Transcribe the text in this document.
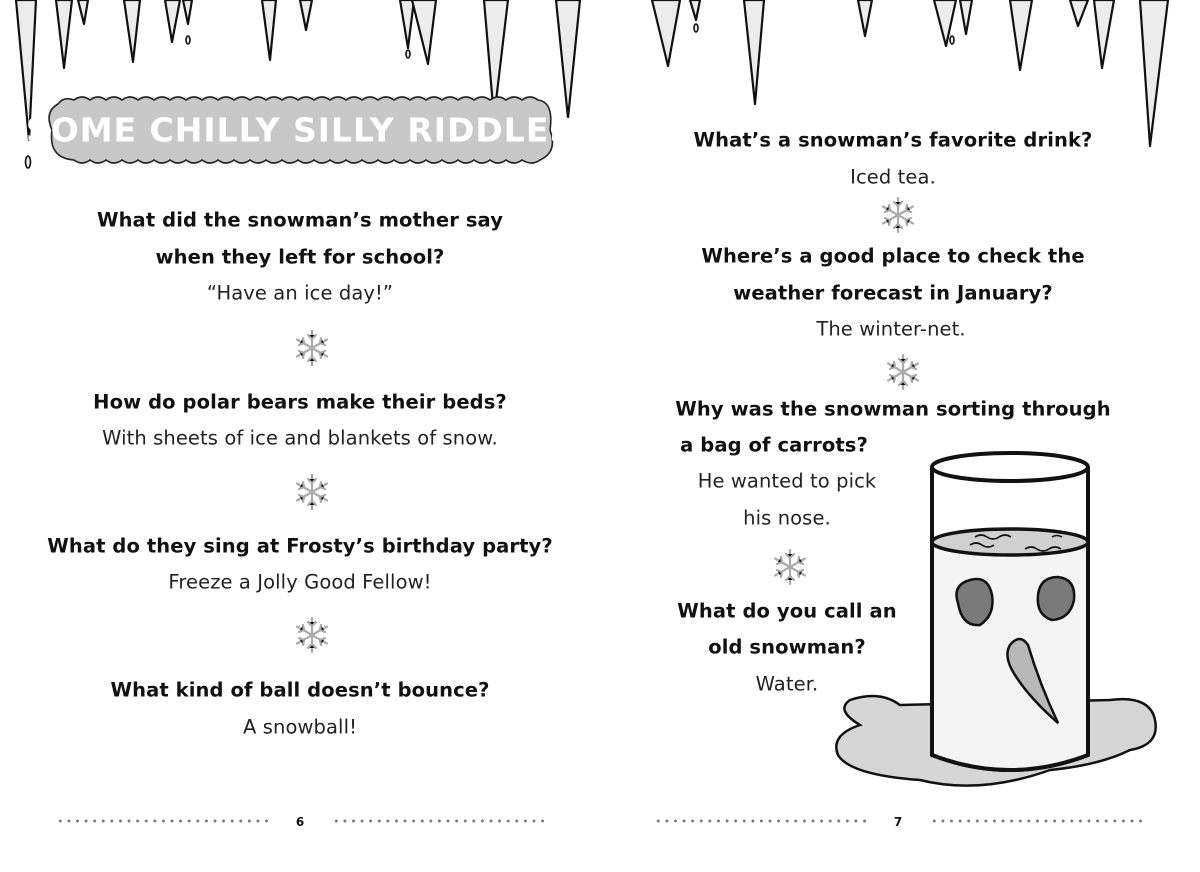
SOME CHILLY SILLY RIDDLES
What did the snowman’s mother say
when they left for school?
“Have an ice day!”
How do polar bears make their beds?
With sheets of ice and blankets of snow.
What do they sing at Frosty’s birthday party?
Freeze a Jolly Good Fellow!
What kind of ball doesn’t bounce?
A snowball!
What’s a snowman’s favorite drink?
Iced tea.
Where’s a good place to check the
weather forecast in January?
The winter-net.
Why was the snowman sorting through
a bag of carrots?
He wanted to pick
his nose.
What do you call an
old snowman?
Water.
6	7
